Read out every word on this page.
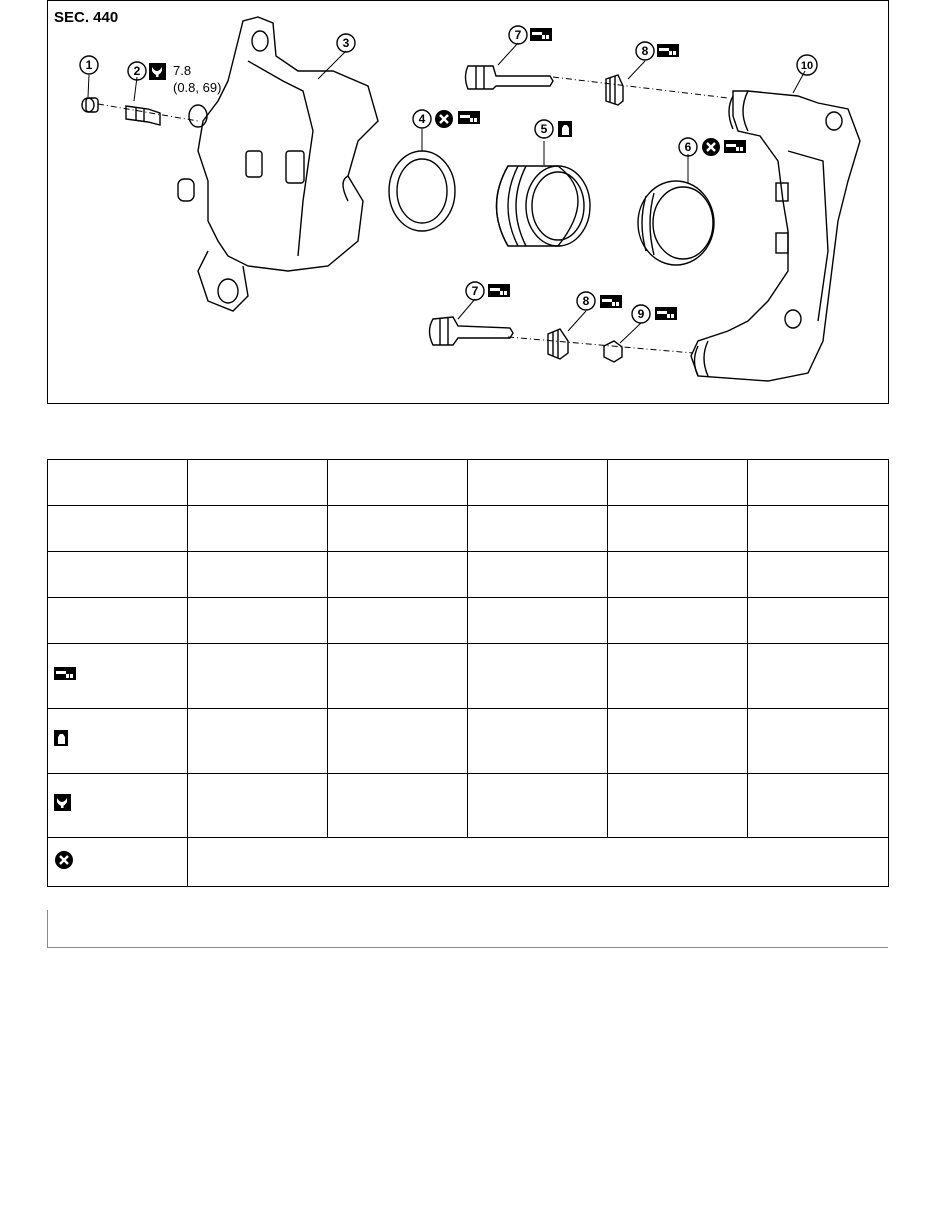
SEC. 440
1	2
3
4
5
6
7
8
7
8
9
10
7.8
(0.8, 69)
